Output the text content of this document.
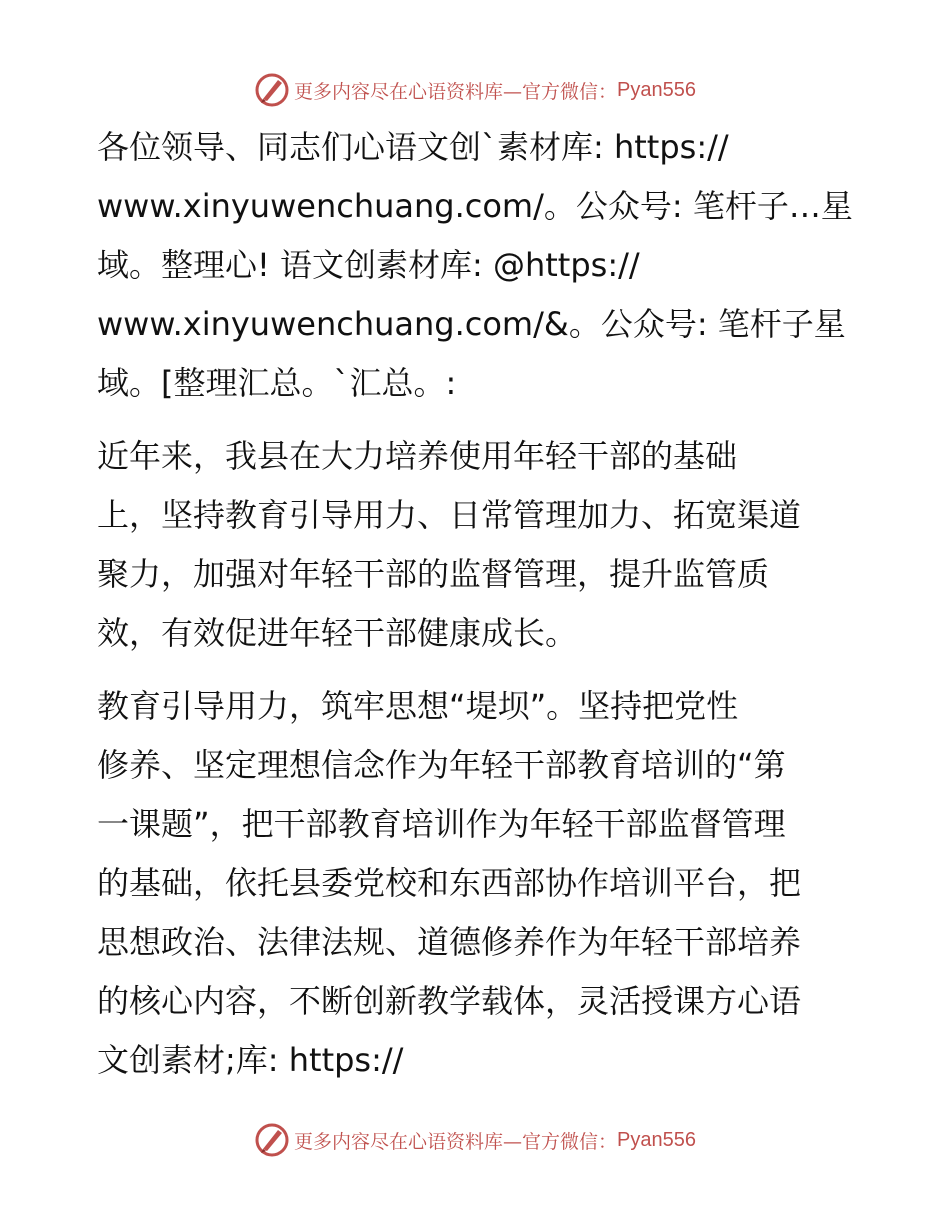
更多内容尽在心语资料库—官方微信： Pyan556

各位领导、同志们心语文创`素材库: https://
www.xinyuwenchuang.com/。公众号: 笔杆子…星
域。整理心! 语文创素材库: @https://
www.xinyuwenchuang.com/&。公众号: 笔杆子星
域。[整理汇总。`汇总。:

近年来，我县在大力培养使用年轻干部的基础
上，坚持教育引导用力、日常管理加力、拓宽渠道
聚力，加强对年轻干部的监督管理，提升监管质
效，有效促进年轻干部健康成长。

教育引导用力，筑牢思想“堤坝”。坚持把党性
修养、坚定理想信念作为年轻干部教育培训的“第
一课题”，把干部教育培训作为年轻干部监督管理
的基础，依托县委党校和东西部协作培训平台，把
思想政治、法律法规、道德修养作为年轻干部培养
的核心内容，不断创新教学载体，灵活授课方心语
文创素材;库: https://

更多内容尽在心语资料库—官方微信： Pyan556
